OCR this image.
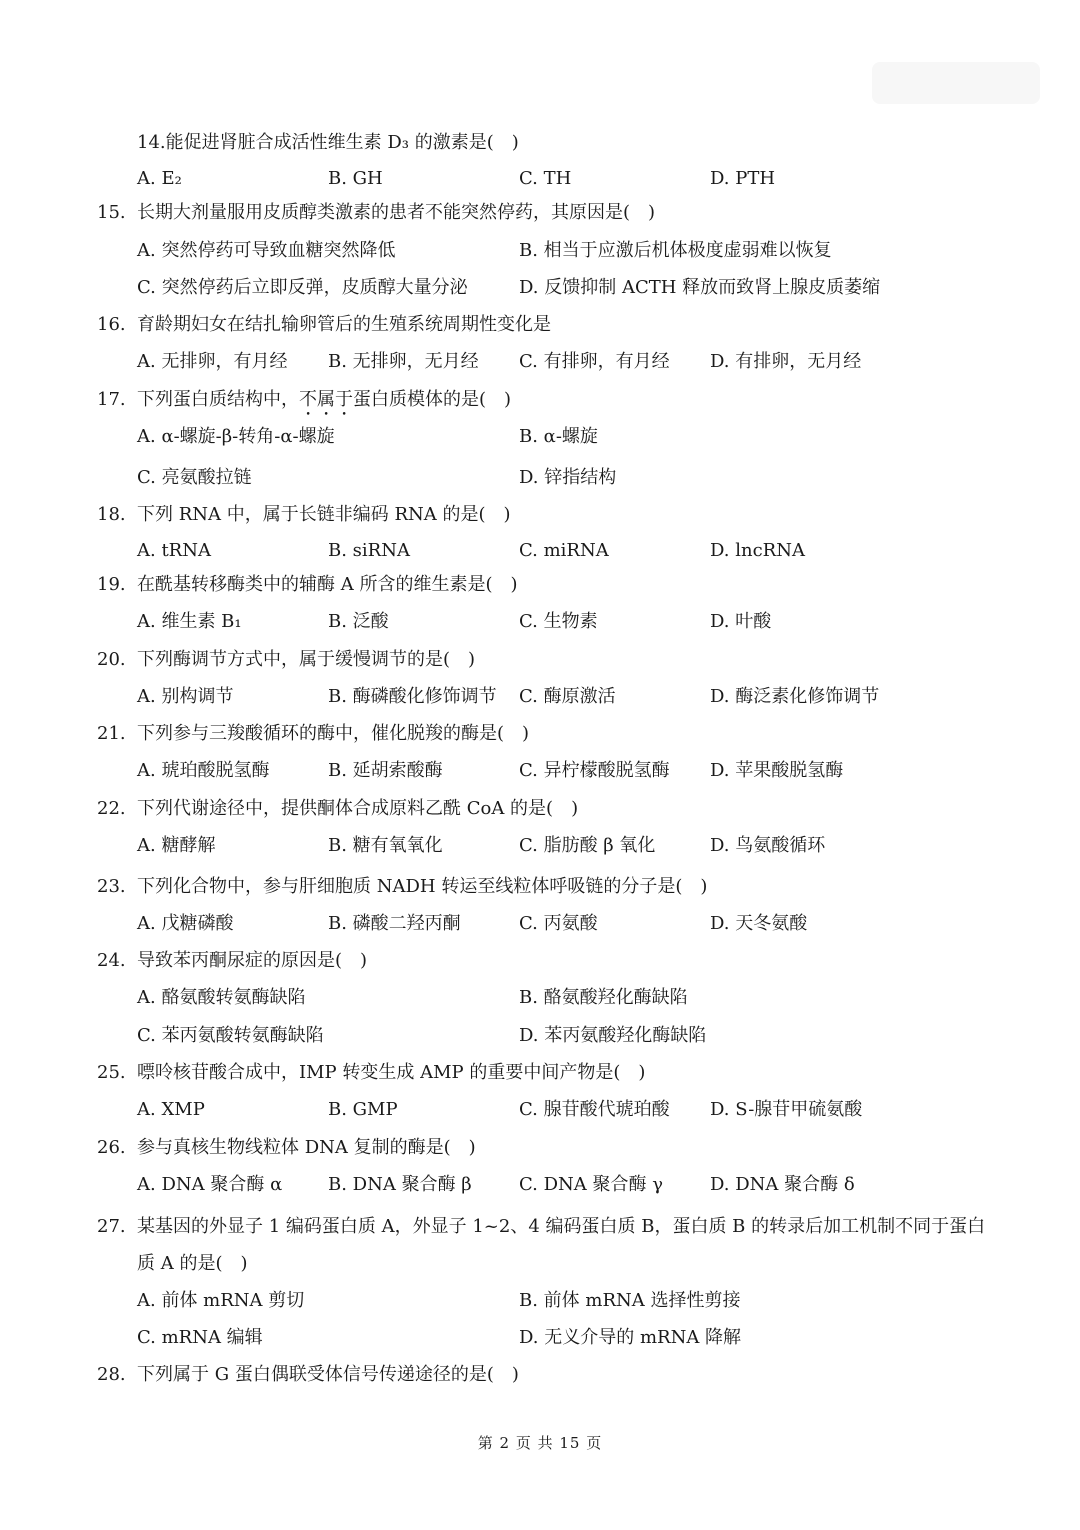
14.能促进肾脏合成活性维生素 D₃ 的激素是(　)
A. E₂	B. GH	C. TH	D. PTH
15. 长期大剂量服用皮质醇类激素的患者不能突然停药，其原因是(　)
A. 突然停药可导致血糖突然降低	B. 相当于应激后机体极度虚弱难以恢复
C. 突然停药后立即反弹，皮质醇大量分泌	D. 反馈抑制 ACTH 释放而致肾上腺皮质萎缩
16. 育龄期妇女在结扎输卵管后的生殖系统周期性变化是
A. 无排卵，有月经 B. 无排卵，无月经 C. 有排卵，有月经 D. 有排卵，无月经
17. 下列蛋白质结构中，不属于蛋白质模体的是(　)
A. α-螺旋-β-转角-α-螺旋	B. α-螺旋
C. 亮氨酸拉链	D. 锌指结构
18. 下列 RNA 中，属于长链非编码 RNA 的是(　)
A. tRNA	B. siRNA	C. miRNA	D. lncRNA
19. 在酰基转移酶类中的辅酶 A 所含的维生素是(　)
A. 维生素 B₁	B. 泛酸	C. 生物素	D. 叶酸
20. 下列酶调节方式中，属于缓慢调节的是(　)
A. 别构调节	B. 酶磷酸化修饰调节 C. 酶原激活	D. 酶泛素化修饰调节
21. 下列参与三羧酸循环的酶中，催化脱羧的酶是(　)
A. 琥珀酸脱氢酶	B. 延胡索酸酶	C. 异柠檬酸脱氢酶 D. 苹果酸脱氢酶
22. 下列代谢途径中，提供酮体合成原料乙酰 CoA 的是(　)
A. 糖酵解	B. 糖有氧氧化	C. 脂肪酸 β 氧化	D. 鸟氨酸循环
23. 下列化合物中，参与肝细胞质 NADH 转运至线粒体呼吸链的分子是(　)
A. 戊糖磷酸	B. 磷酸二羟丙酮	C. 丙氨酸	D. 天冬氨酸
24. 导致苯丙酮尿症的原因是(　)
A. 酪氨酸转氨酶缺陷	B. 酪氨酸羟化酶缺陷
C. 苯丙氨酸转氨酶缺陷	D. 苯丙氨酸羟化酶缺陷
25. 嘌呤核苷酸合成中，IMP 转变生成 AMP 的重要中间产物是(　)
A. XMP	B. GMP	C. 腺苷酸代琥珀酸 D. S-腺苷甲硫氨酸
26. 参与真核生物线粒体 DNA 复制的酶是(　)
A. DNA 聚合酶 α	B. DNA 聚合酶 β	C. DNA 聚合酶 γ	D. DNA 聚合酶 δ
27. 某基因的外显子 1 编码蛋白质 A，外显子 1~2、4 编码蛋白质 B，蛋白质 B 的转录后加工机制不同于蛋白质 A 的是(　)
A. 前体 mRNA 剪切	B. 前体 mRNA 选择性剪接
C. mRNA 编辑	D. 无义介导的 mRNA 降解
28. 下列属于 G 蛋白偶联受体信号传递途径的是(　)
第 2 页 共 15 页
